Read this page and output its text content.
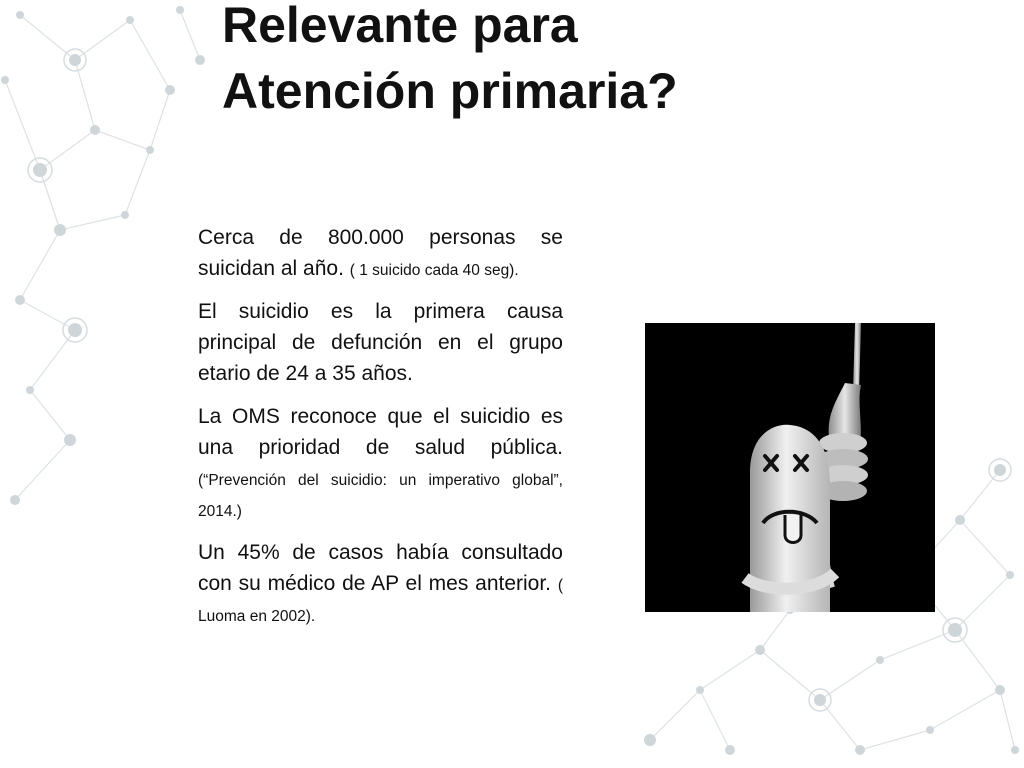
Relevante para
Atención primaria?

Cerca de 800.000 personas se suicidan al año. ( 1 suicido cada 40 seg).

El suicidio es la primera causa principal de defunción en el grupo etario de 24 a 35 años.

La OMS reconoce que el suicidio es una prioridad de salud pública. (“Prevención del suicidio: un imperativo global”, 2014.)

Un 45% de casos había consultado con su médico de AP el mes anterior. ( Luoma en 2002).
